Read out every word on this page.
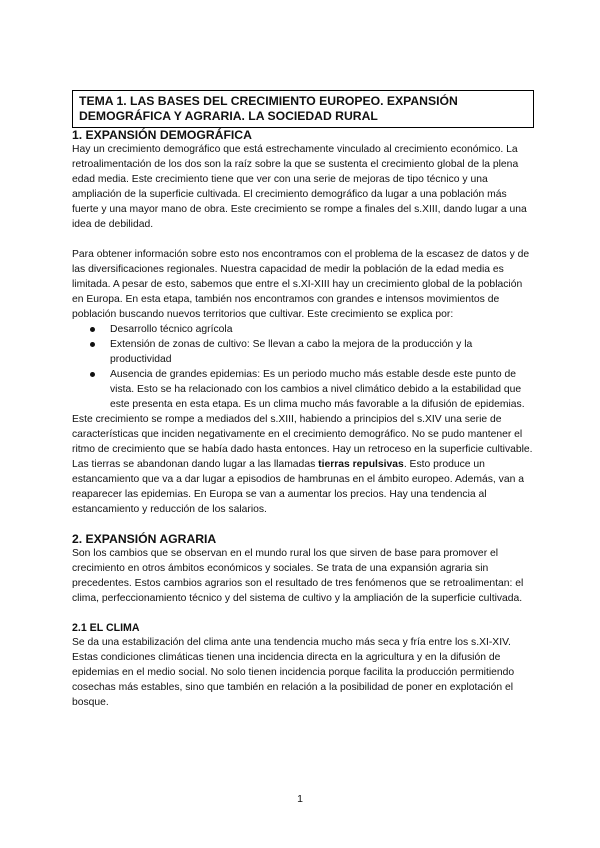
TEMA 1. LAS BASES DEL CRECIMIENTO EUROPEO. EXPANSIÓN DEMOGRÁFICA Y AGRARIA. LA SOCIEDAD RURAL
1. EXPANSIÓN DEMOGRÁFICA

Hay un crecimiento demográfico que está estrechamente vinculado al crecimiento económico. La retroalimentación de los dos son la raíz sobre la que se sustenta el crecimiento global de la plena edad media. Este crecimiento tiene que ver con una serie de mejoras de tipo técnico y una ampliación de la superficie cultivada. El crecimiento demográfico da lugar a una población más fuerte y una mayor mano de obra. Este crecimiento se rompe a finales del s.XIII, dando lugar a una idea de debilidad.

Para obtener información sobre esto nos encontramos con el problema de la escasez de datos y de las diversificaciones regionales. Nuestra capacidad de medir la población de la edad media es limitada. A pesar de esto, sabemos que entre el s.XI-XIII hay un crecimiento global de la población en Europa. En esta etapa, también nos encontramos con grandes e intensos movimientos de población buscando nuevos territorios que cultivar. Este crecimiento se explica por:

Desarrollo técnico agrícola
Extensión de zonas de cultivo: Se llevan a cabo la mejora de la producción y la productividad
Ausencia de grandes epidemias: Es un periodo mucho más estable desde este punto de vista. Esto se ha relacionado con los cambios a nivel climático debido a la estabilidad que este presenta en esta etapa. Es un clima mucho más favorable a la difusión de epidemias.

Este crecimiento se rompe a mediados del s.XIII, habiendo a principios del s.XIV una serie de características que inciden negativamente en el crecimiento demográfico. No se pudo mantener el ritmo de crecimiento que se había dado hasta entonces. Hay un retroceso en la superficie cultivable. Las tierras se abandonan dando lugar a las llamadas tierras repulsivas. Esto produce un estancamiento que va a dar lugar a episodios de hambrunas en el ámbito europeo. Además, van a reaparecer las epidemias. En Europa se van a aumentar los precios. Hay una tendencia al estancamiento y reducción de los salarios.

2. EXPANSIÓN AGRARIA

Son los cambios que se observan en el mundo rural los que sirven de base para promover el crecimiento en otros ámbitos económicos y sociales. Se trata de una expansión agraria sin precedentes. Estos cambios agrarios son el resultado de tres fenómenos que se retroalimentan: el clima, perfeccionamiento técnico y del sistema de cultivo y la ampliación de la superficie cultivada.

2.1 EL CLIMA

Se da una estabilización del clima ante una tendencia mucho más seca y fría entre los s.XI-XIV. Estas condiciones climáticas tienen una incidencia directa en la agricultura y en la difusión de epidemias en el medio social. No solo tienen incidencia porque facilita la producción permitiendo cosechas más estables, sino que también en relación a la posibilidad de poner en explotación el bosque.

1
